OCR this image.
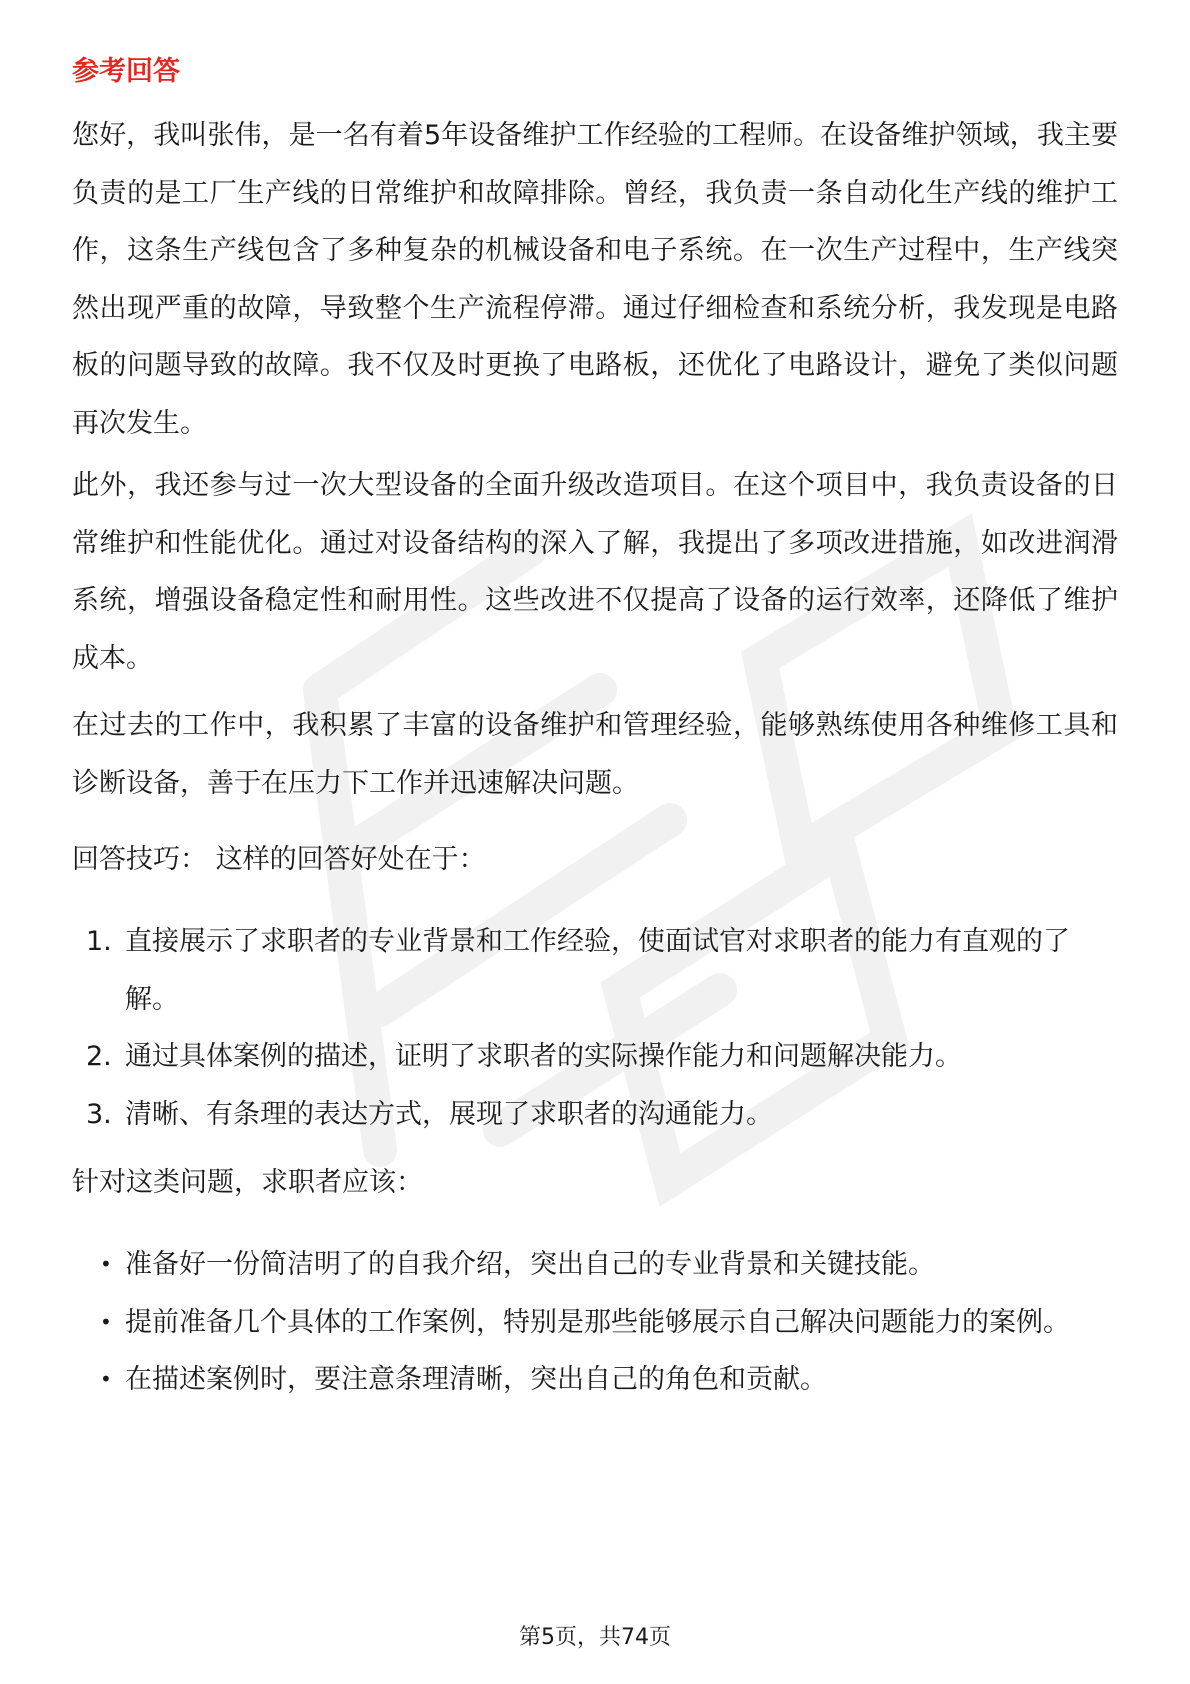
参考回答

您好，我叫张伟，是一名有着5年设备维护工作经验的工程师。在设备维护领域，我主要负责的是工厂生产线的日常维护和故障排除。曾经，我负责一条自动化生产线的维护工作，这条生产线包含了多种复杂的机械设备和电子系统。在一次生产过程中，生产线突然出现严重的故障，导致整个生产流程停滞。通过仔细检查和系统分析，我发现是电路板的问题导致的故障。我不仅及时更换了电路板，还优化了电路设计，避免了类似问题再次发生。

此外，我还参与过一次大型设备的全面升级改造项目。在这个项目中，我负责设备的日常维护和性能优化。通过对设备结构的深入了解，我提出了多项改进措施，如改进润滑系统，增强设备稳定性和耐用性。这些改进不仅提高了设备的运行效率，还降低了维护成本。

在过去的工作中，我积累了丰富的设备维护和管理经验，能够熟练使用各种维修工具和诊断设备，善于在压力下工作并迅速解决问题。

回答技巧： 这样的回答好处在于：

1. 直接展示了求职者的专业背景和工作经验，使面试官对求职者的能力有直观的了解。
2. 通过具体案例的描述，证明了求职者的实际操作能力和问题解决能力。
3. 清晰、有条理的表达方式，展现了求职者的沟通能力。

针对这类问题，求职者应该：

• 准备好一份简洁明了的自我介绍，突出自己的专业背景和关键技能。
• 提前准备几个具体的工作案例，特别是那些能够展示自己解决问题能力的案例。
• 在描述案例时，要注意条理清晰，突出自己的角色和贡献。
第5页，共74页
